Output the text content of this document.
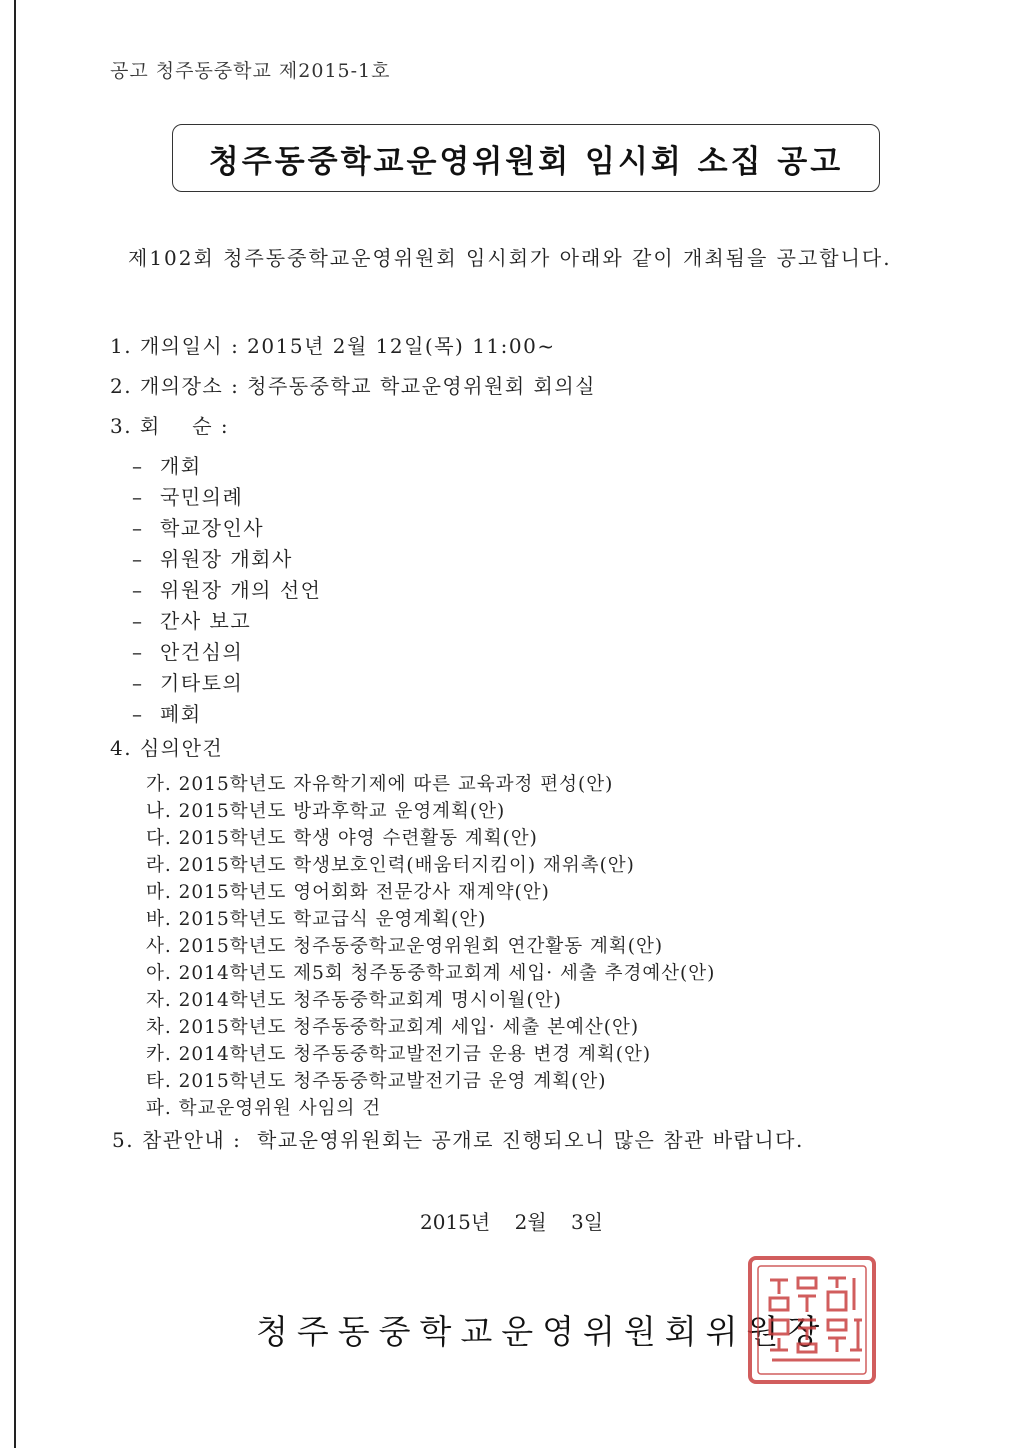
공고 청주동중학교 제2015-1호
청주동중학교운영위원회 임시회 소집 공고
제102회 청주동중학교운영위원회 임시회가 아래와 같이 개최됨을 공고합니다.
1. 개의일시 : 2015년 2월 12일(목) 11:00~
2. 개의장소 : 청주동중학교 학교운영위원회 회의실
3. 회    순 :
– 개회
– 국민의례
– 학교장인사
– 위원장 개회사
– 위원장 개의 선언
– 간사 보고
– 안건심의
– 기타토의
– 폐회
4. 심의안건
가. 2015학년도 자유학기제에 따른 교육과정 편성(안)
나. 2015학년도 방과후학교 운영계획(안)
다. 2015학년도 학생 야영 수련활동 계획(안)
라. 2015학년도 학생보호인력(배움터지킴이) 재위촉(안)
마. 2015학년도 영어회화 전문강사 재계약(안)
바. 2015학년도 학교급식 운영계획(안)
사. 2015학년도 청주동중학교운영위원회 연간활동 계획(안)
아. 2014학년도 제5회 청주동중학교회계 세입· 세출 추경예산(안)
자. 2014학년도 청주동중학교회계 명시이월(안)
차. 2015학년도 청주동중학교회계 세입· 세출 본예산(안)
카. 2014학년도 청주동중학교발전기금 운용 변경 계획(안)
타. 2015학년도 청주동중학교발전기금 운영 계획(안)
파. 학교운영위원 사임의 건
5. 참관안내 :  학교운영위원회는 공개로 진행되오니 많은 참관 바랍니다.
2015년 2월 3일
청주동중학교운영위원회위원장
